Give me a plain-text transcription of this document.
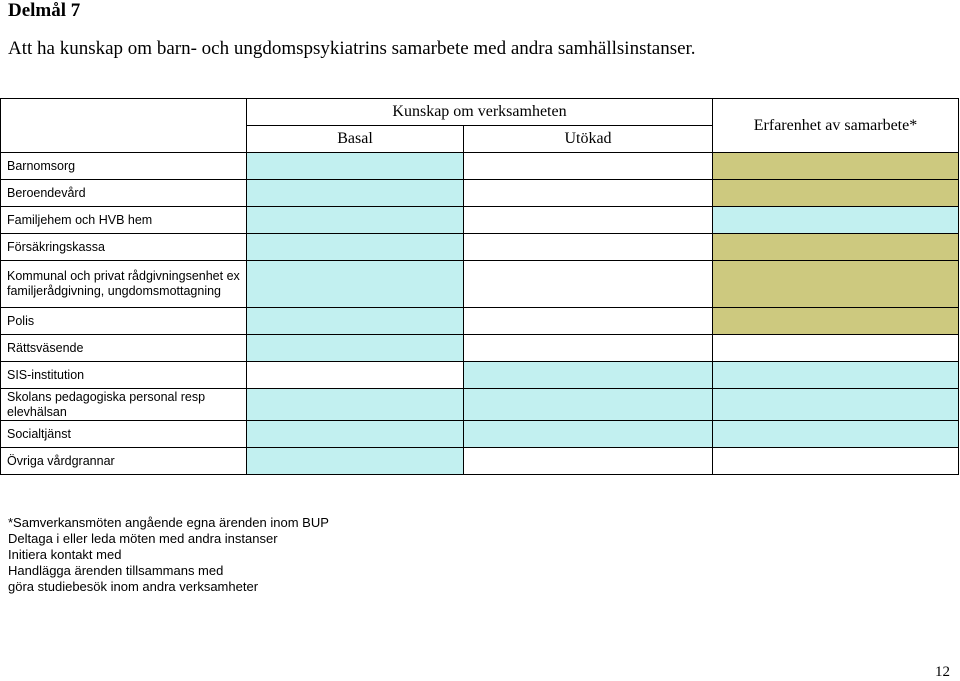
Delmål 7
Att ha kunskap om barn- och ungdomspsykiatrins samarbete med andra samhällsinstanser.
	Kunskap om verksamheten		Erfarenhet av samarbete*
	Basal	Utökad	
Barnomsorg			
Beroendevård			
Familjehem och HVB hem			
Försäkringskassa			
Kommunal och privat rådgivningsenhet ex familjerådgivning, ungdomsmottagning			
Polis			
Rättsväsende			
SIS-institution			
Skolans pedagogiska personal resp elevhälsan			
Socialtjänst			
Övriga vårdgrannar			
*Samverkansmöten angående egna ärenden inom BUP
Deltaga i eller leda möten med andra instanser
Initiera kontakt med
Handlägga ärenden tillsammans med
göra studiebesök inom andra verksamheter
12
